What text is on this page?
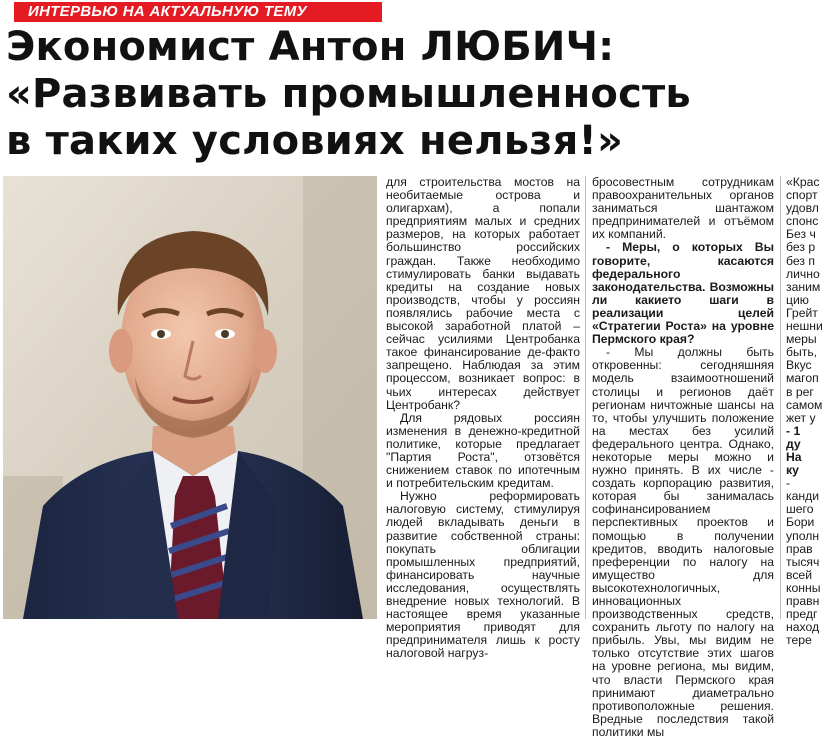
ИНТЕРВЬЮ НА АКТУАЛЬНУЮ ТЕМУ
Экономист Антон ЛЮБИЧ:
«Развивать промышленность
в таких условиях нельзя!»

для строительства мостов на необитаемые острова и олигархам), а попали предприятиям малых и средних размеров, на которых работает большинство российских граждан. Также необходимо стимулировать банки выдавать кредиты на создание новых производств, чтобы у россиян появлялись рабочие места с высокой заработной платой – сейчас усилиями Центробанка такое финансирование де-факто запрещено. Наблюдая за этим процессом, возникает вопрос: в чьих интересах действует Центробанк?

Для рядовых россиян изменения в денежно-кредитной политике, которые предлагает "Партия Роста", отзовётся снижением ставок по ипотечным и потребительским кредитам.

Нужно реформировать налоговую систему, стимулируя людей вкладывать деньги в развитие собственной страны: покупать облигации промышленных предприятий, финансировать научные исследования, осуществлять внедрение новых технологий. В настоящее время указанные мероприятия приводят для предпринимателя лишь к росту налоговой нагруз-

бросовестным сотрудникам правоохранительных органов заниматься шантажом предпринимателей и отъёмом их компаний.

- Меры, о которых Вы говорите, касаются федерального законодательства. Возможны ли какието шаги в реализации целей «Стратегии Роста» на уровне Пермского края?

- Мы должны быть откровенны: сегодняшняя модель взаимоотношений столицы и регионов даёт регионам ничтожные шансы на то, чтобы улучшить положение на местах без усилий федерального центра. Однако, некоторые меры можно и нужно принять. В их числе - создать корпорацию развития, которая бы занималась софинансированием перспективных проектов и помощью в получении кредитов, вводить налоговые преференции по налогу на имущество для высокотехнологичных, инновационных производственных средств, сохранить льготу по налогу на прибыль. Увы, мы видим не только отсутствие этих шагов на уровне региона, мы видим, что власти Пермского края принимают диаметрально противоположные решения. Вредные последствия такой политики мы

«Крас
спорт
удовл
спонс
Без ч
без р
без п
лично
заним
цию
Грейт
нешни
меры
быть,
Вкус
магоп
в рег
самом
жет у
- 1
ду
На
ку
-
канди
шего
Бори
уполн
прав
тысяч
всей
конны
правн
предг
наход
тере
